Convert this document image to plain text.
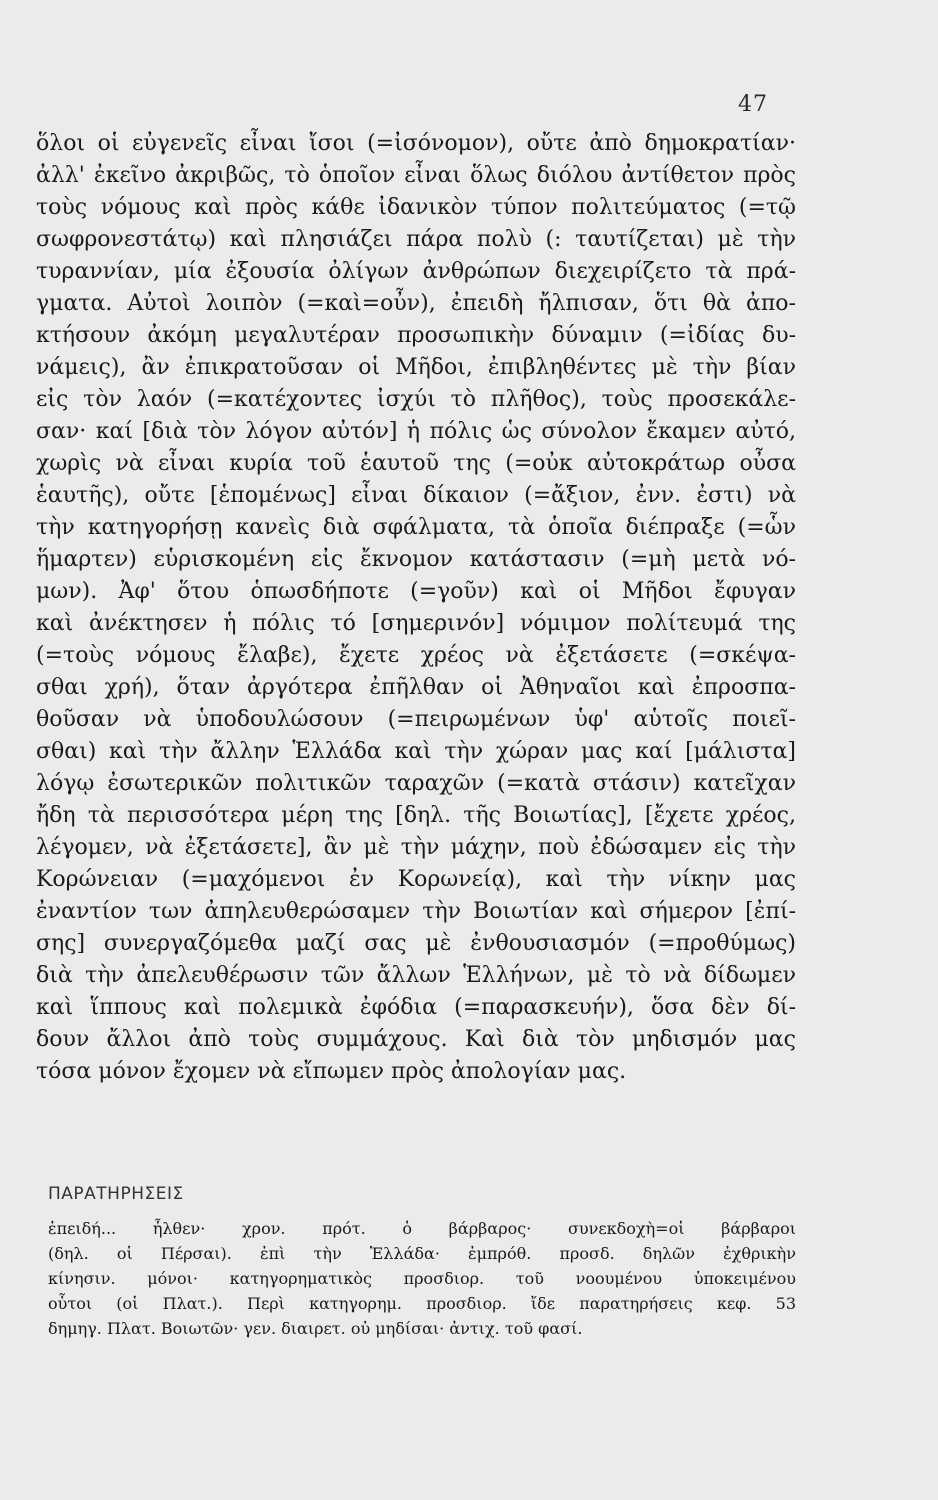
47
ὅλοι οἱ εὐγενεῖς εἶναι ἴσοι (=ἰσόνομον), οὔτε ἀπὸ δημοκρατίαν·
ἀλλ' ἐκεῖνο ἀκριβῶς, τὸ ὁποῖον εἶναι ὅλως διόλου ἀντίθετον πρὸς
τοὺς νόμους καὶ πρὸς κάθε ἰδανικὸν τύπον πολιτεύματος (=τῷ
σωφρονεστάτῳ) καὶ πλησιάζει πάρα πολὺ (: ταυτίζεται) μὲ τὴν
τυραννίαν, μία ἐξουσία ὀλίγων ἀνθρώπων διεχειρίζετο τὰ πρά-
γματα. Αὐτοὶ λοιπὸν (=καὶ=οὖν), ἐπειδὴ ἤλπισαν, ὅτι θὰ ἀπο-
κτήσουν ἀκόμη μεγαλυτέραν προσωπικὴν δύναμιν (=ἰδίας δυ-
νάμεις), ἂν ἐπικρατοῦσαν οἱ Μῆδοι, ἐπιβληθέντες μὲ τὴν βίαν
εἰς τὸν λαόν (=κατέχοντες ἰσχύι τὸ πλῆθος), τοὺς προσεκάλε-
σαν· καί [διὰ τὸν λόγον αὐτόν] ἡ πόλις ὡς σύνολον ἔκαμεν αὐτό,
χωρὶς νὰ εἶναι κυρία τοῦ ἑαυτοῦ της (=οὐκ αὐτοκράτωρ οὖσα
ἑαυτῆς), οὔτε [ἑπομένως] εἶναι δίκαιον (=ἄξιον, ἐνν. ἐστι) νὰ
τὴν κατηγορήσῃ κανεὶς διὰ σφάλματα, τὰ ὁποῖα διέπραξε (=ὧν
ἥμαρτεν) εὑρισκομένη εἰς ἔκνομον κατάστασιν (=μὴ μετὰ νό-
μων). Ἀφ' ὅτου ὁπωσδήποτε (=γοῦν) καὶ οἱ Μῆδοι ἔφυγαν
καὶ ἀνέκτησεν ἡ πόλις τό [σημερινόν] νόμιμον πολίτευμά της
(=τοὺς νόμους ἔλαβε), ἔχετε χρέος νὰ ἐξετάσετε (=σκέψα-
σθαι χρή), ὅταν ἀργότερα ἐπῆλθαν οἱ Ἀθηναῖοι καὶ ἐπροσπα-
θοῦσαν νὰ ὑποδουλώσουν (=πειρωμένων ὑφ' αὑτοῖς ποιεῖ-
σθαι) καὶ τὴν ἄλλην Ἑλλάδα καὶ τὴν χώραν μας καί [μάλιστα]
λόγῳ ἐσωτερικῶν πολιτικῶν ταραχῶν (=κατὰ στάσιν) κατεῖχαν
ἤδη τὰ περισσότερα μέρη της [δηλ. τῆς Βοιωτίας], [ἔχετε χρέος,
λέγομεν, νὰ ἐξετάσετε], ἂν μὲ τὴν μάχην, ποὺ ἐδώσαμεν εἰς τὴν
Κορώνειαν (=μαχόμενοι ἐν Κορωνείᾳ), καὶ τὴν νίκην μας
ἐναντίον των ἀπηλευθερώσαμεν τὴν Βοιωτίαν καὶ σήμερον [ἐπί-
σης] συνεργαζόμεθα μαζί σας μὲ ἐνθουσιασμόν (=προθύμως)
διὰ τὴν ἀπελευθέρωσιν τῶν ἄλλων Ἑλλήνων, μὲ τὸ νὰ δίδωμεν
καὶ ἵππους καὶ πολεμικὰ ἐφόδια (=παρασκευήν), ὅσα δὲν δί-
δουν ἄλλοι ἀπὸ τοὺς συμμάχους. Καὶ διὰ τὸν μηδισμόν μας
τόσα μόνον ἔχομεν νὰ εἴπωμεν πρὸς ἀπολογίαν μας.
ΠΑΡΑΤΗΡΗΣΕΙΣ
ἐπειδή... ἦλθεν· χρον. πρότ. ὁ βάρβαρος· συνεκδοχὴ=οἱ βάρβαροι
(δηλ. οἱ Πέρσαι). ἐπὶ τὴν Ἑλλάδα· ἐμπρόθ. προσδ. δηλῶν ἐχθρικὴν
κίνησιν. μόνοι· κατηγορηματικὸς προσδιορ. τοῦ νοουμένου ὑποκειμένου
οὗτοι (οἱ Πλατ.). Περὶ κατηγορημ. προσδιορ. ἴδε παρατηρήσεις κεφ. 53
δημηγ. Πλατ. Βοιωτῶν· γεν. διαιρετ. οὐ μηδίσαι· ἀντιχ. τοῦ φασί.
